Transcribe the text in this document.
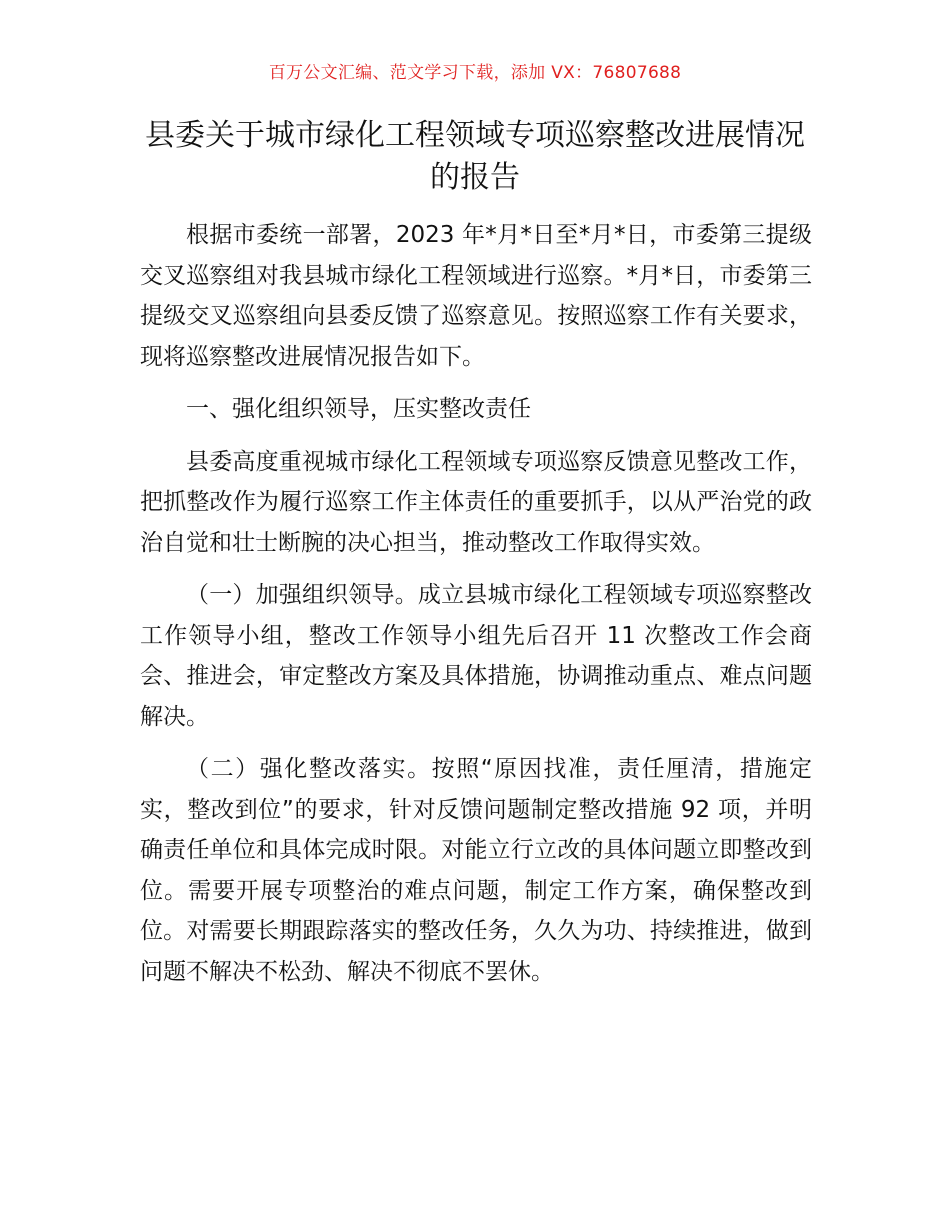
百万公文汇编、范文学习下载，添加 VX：76807688
县委关于城市绿化工程领域专项巡察整改进展情况的报告

根据市委统一部署，2023 年*月*日至*月*日，市委第三提级交叉巡察组对我县城市绿化工程领域进行巡察。*月*日，市委第三提级交叉巡察组向县委反馈了巡察意见。按照巡察工作有关要求，现将巡察整改进展情况报告如下。

一、强化组织领导，压实整改责任

县委高度重视城市绿化工程领域专项巡察反馈意见整改工作，把抓整改作为履行巡察工作主体责任的重要抓手，以从严治党的政治自觉和壮士断腕的决心担当，推动整改工作取得实效。

（一）加强组织领导。成立县城市绿化工程领域专项巡察整改工作领导小组，整改工作领导小组先后召开 11 次整改工作会商会、推进会，审定整改方案及具体措施，协调推动重点、难点问题解决。

（二）强化整改落实。按照“原因找准，责任厘清，措施定实，整改到位”的要求，针对反馈问题制定整改措施 92 项，并明确责任单位和具体完成时限。对能立行立改的具体问题立即整改到位。需要开展专项整治的难点问题，制定工作方案，确保整改到位。对需要长期跟踪落实的整改任务，久久为功、持续推进，做到问题不解决不松劲、解决不彻底不罢休。
